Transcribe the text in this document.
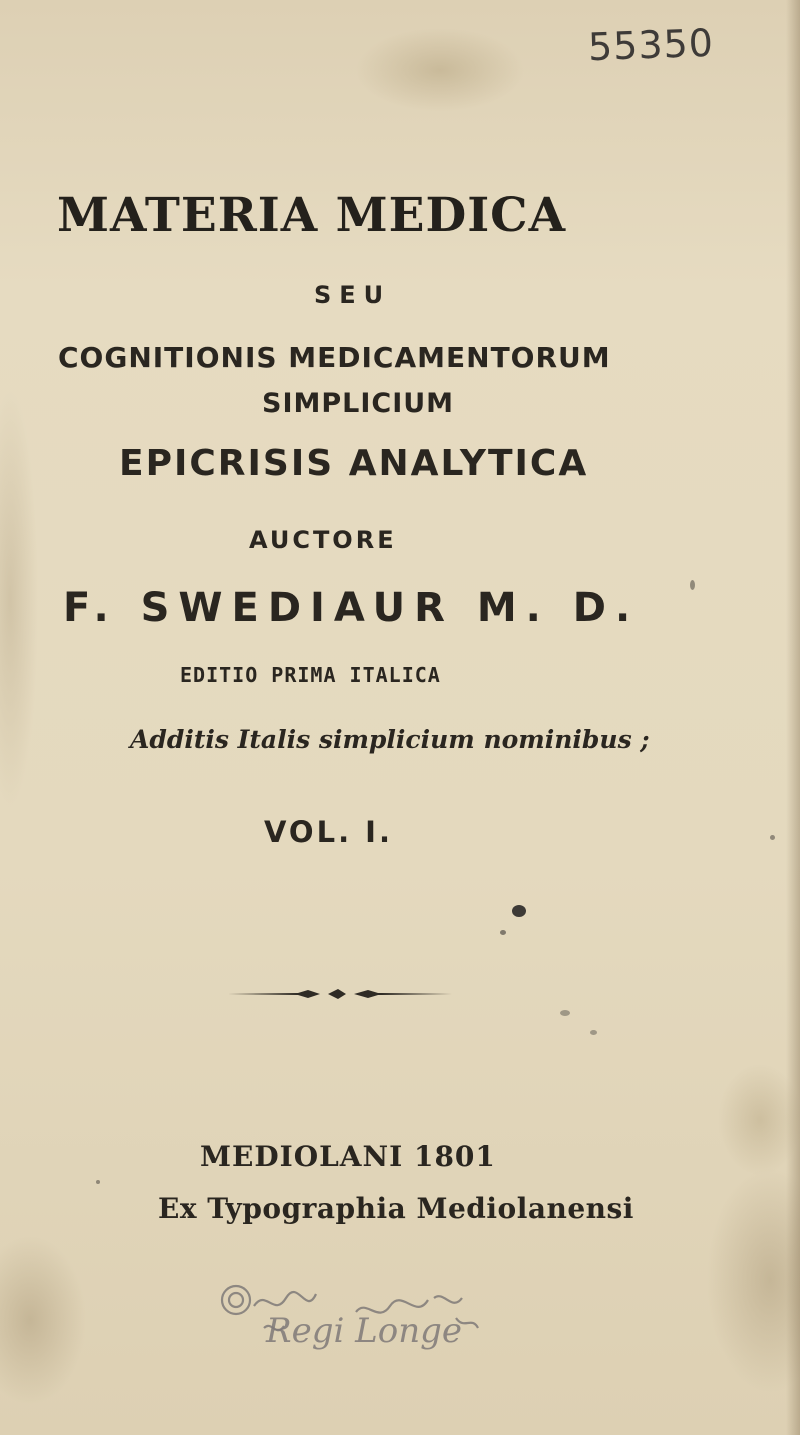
55350
MATERIA MEDICA
SEU
COGNITIONIS MEDICAMENTORUM
SIMPLICIUM
EPICRISIS ANALYTICA
AUCTORE
F. SWEDIAUR M. D.
EDITIO PRIMA ITALICA
Additis Italis simplicium nominibus ;
VOL. I.
MEDIOLANI 1801
Ex Typographia Mediolanensi
Regi Longe
